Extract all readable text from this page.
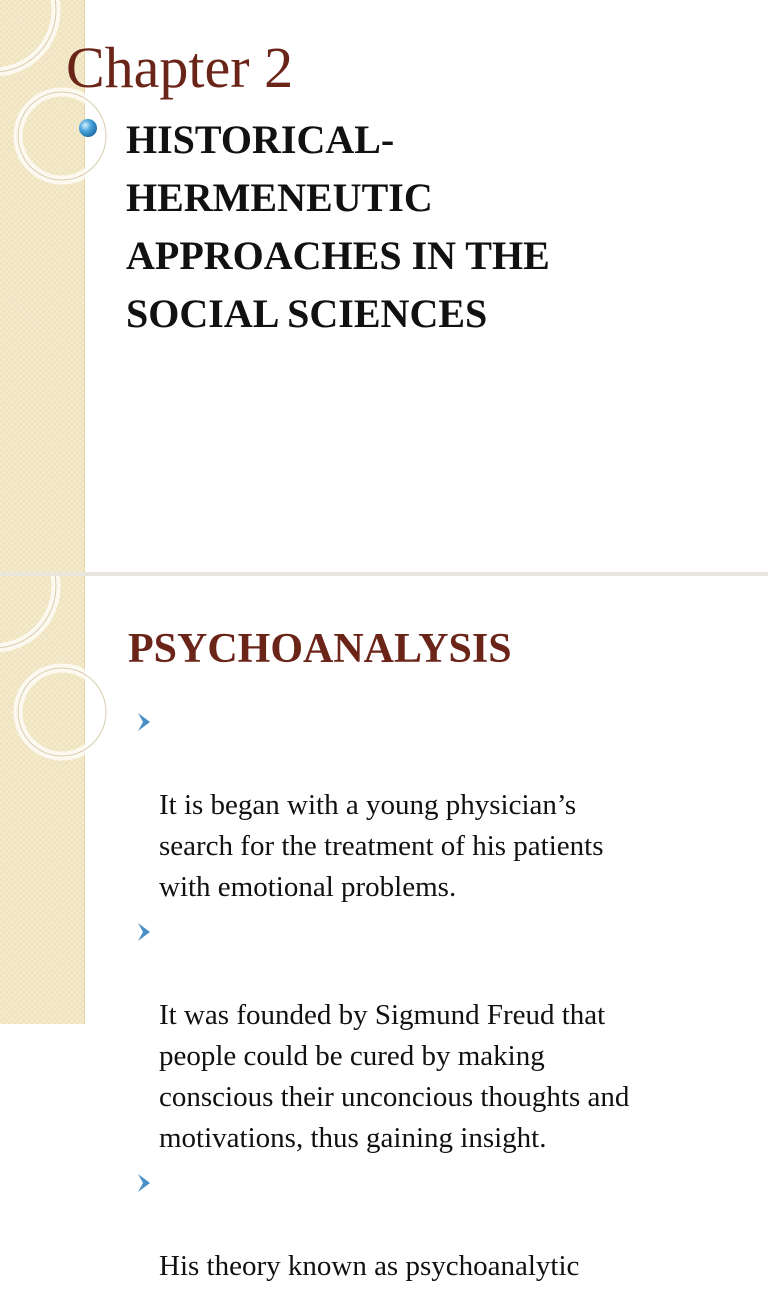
Chapter 2
HISTORICAL-
HERMENEUTIC
APPROACHES IN THE
SOCIAL SCIENCES
PSYCHOANALYSIS

It is began with a young physician’s
search for the treatment of his patients
with emotional problems.

It was founded by Sigmund Freud that
people could be cured by making
conscious their unconcious thoughts and
motivations, thus gaining insight.

His theory known as psychoanalytic
